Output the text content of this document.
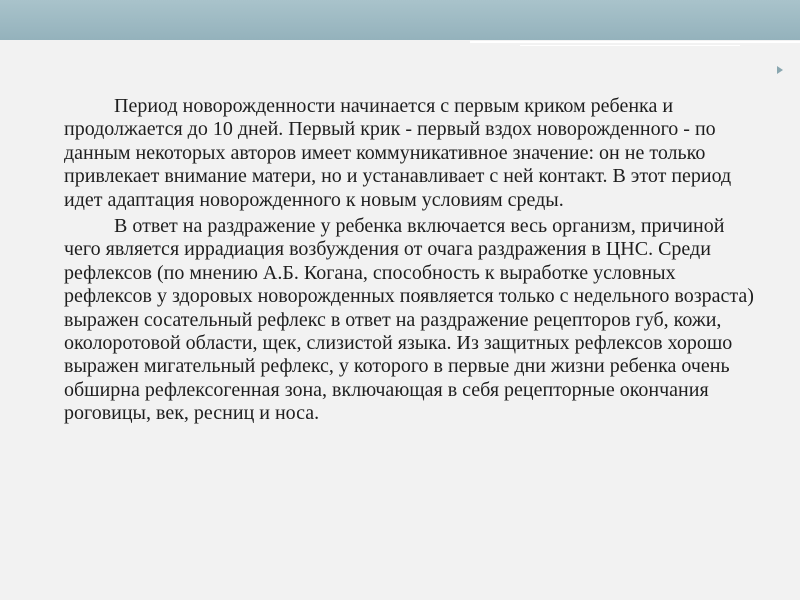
Период новорожденности начинается с первым криком ребенка и продолжается до 10 дней. Первый крик - первый вздох новорожденного - по данным некоторых авторов имеет коммуникативное значение: он не только привлекает внимание матери, но и устанавливает с ней контакт. В этот период идет адаптация новорожденного к новым условиям среды.

В ответ на раздражение у ребенка включается весь организм, причиной чего является иррадиация возбуждения от очага раздражения в ЦНС. Среди рефлексов (по мнению А.Б. Когана, способность к выработке условных рефлексов у здоровых новорожденных появляется только с недельного возраста) выражен сосательный рефлекс в ответ на раздражение рецепторов губ, кожи, околоротовой области, щек, слизистой языка. Из защитных рефлексов хорошо выражен мигательный рефлекс, у которого в первые дни жизни ребенка очень обширна рефлексогенная зона, включающая в себя рецепторные окончания роговицы, век, ресниц и носа.
